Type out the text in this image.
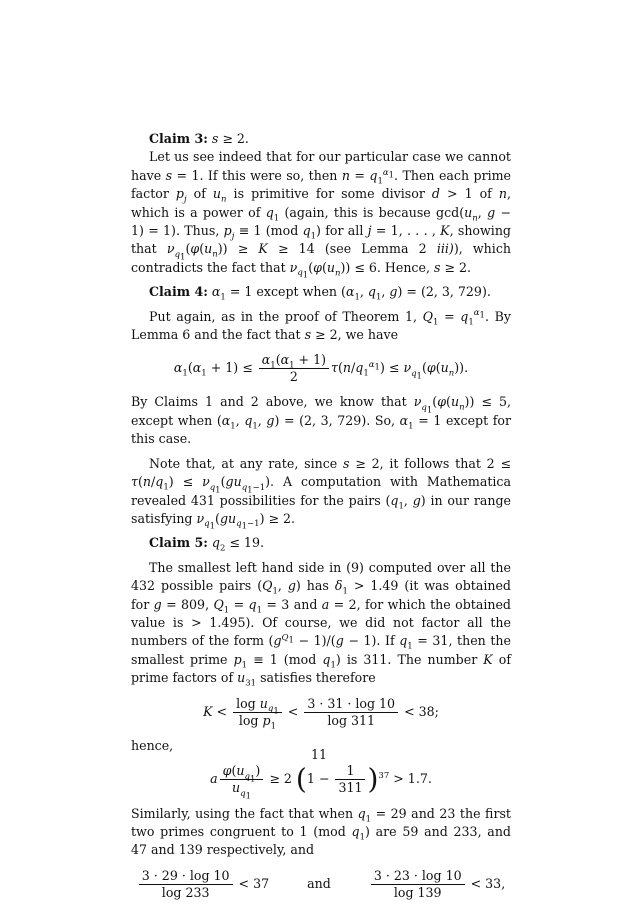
Claim 3: s ≥ 2.

Let us see indeed that for our particular case we cannot have s = 1. If this were so, then $n = q_1^{\alpha_1}$. Then each prime factor $p_j$ of $u_n$ is primitive for some divisor d > 1 of n, which is a power of $q_1$ (again, this is because $\gcd(u_n$, g − 1) = 1). Thus, $p_j \equiv 1$ (mod $q_1$) for all j = 1, . . . , K, showing that $\nu_{q_1}(\varphi(u_n)) \ge K \ge 14$ (see Lemma 2 iii)), which contradicts the fact that $\nu_{q_1}(\varphi(u_n)) \le 6$. Hence, s ≥ 2.

Claim 4: $\alpha_1 = 1$ except when ($\alpha_1$, $q_1$, g) = (2, 3, 729).

Put again, as in the proof of Theorem 1, $Q_1 = q_1^{\alpha_1}$. By Lemma 6 and the fact that s ≥ 2, we have

$\alpha_1(\alpha_1 + 1) \le \frac{\alpha_1(\alpha_1 + 1)}{2} \tau(n/q_1^{\alpha_1}) \le \nu_{q_1}(\varphi(u_n))$.

By Claims 1 and 2 above, we know that $\nu_{q_1}(\varphi(u_n)) \le 5$, except when ($\alpha_1$, $q_1$, g) = (2, 3, 729). So, $\alpha_1 = 1$ except for this case.

Note that, at any rate, since s ≥ 2, it follows that $2 \le \tau(n/q_1) \le \nu_{q_1}(gu_{q_1-1})$. A computation with Mathematica revealed 431 possibilities for the pairs ($q_1$, g) in our range satisfying $\nu_{q_1}(gu_{q_1-1}) \ge 2$.

Claim 5: $q_2 \le 19$.

The smallest left hand side in (9) computed over all the 432 possible pairs ($Q_1$, g) has $\delta_1 > 1.49$ (it was obtained for g = 809, $Q_1 = q_1 = 3$ and a = 2, for which the obtained value is > 1.495). Of course, we did not factor all the numbers of the form $(g^{Q_1} - 1)/(g - 1)$. If $q_1 = 31$, then the smallest prime $p_1 \equiv 1$ (mod $q_1$) is 311. The number K of prime factors of $u_{31}$ satisfies therefore

$K < \frac{\log u_{q_1}}{\log p_1} < \frac{3 \cdot 31 \cdot \log 10}{\log 311} < 38$;

hence,

a $\frac{\varphi(u_{q_1})}{u_{q_1}} \ge 2$ $(1 - \frac{1}{311} )^{37} > 1.7$.

Similarly, using the fact that when $q_1 = 29$ and 23 the first two primes congruent to 1 (mod $q_1$) are 59 and 233, and 47 and 139 respectively, and

$\frac{3 \cdot 29 \cdot \log 10}{\log 233} < 37$	and	$\frac{3 \cdot 23 \cdot \log 10}{\log 139} < 33$,
11
